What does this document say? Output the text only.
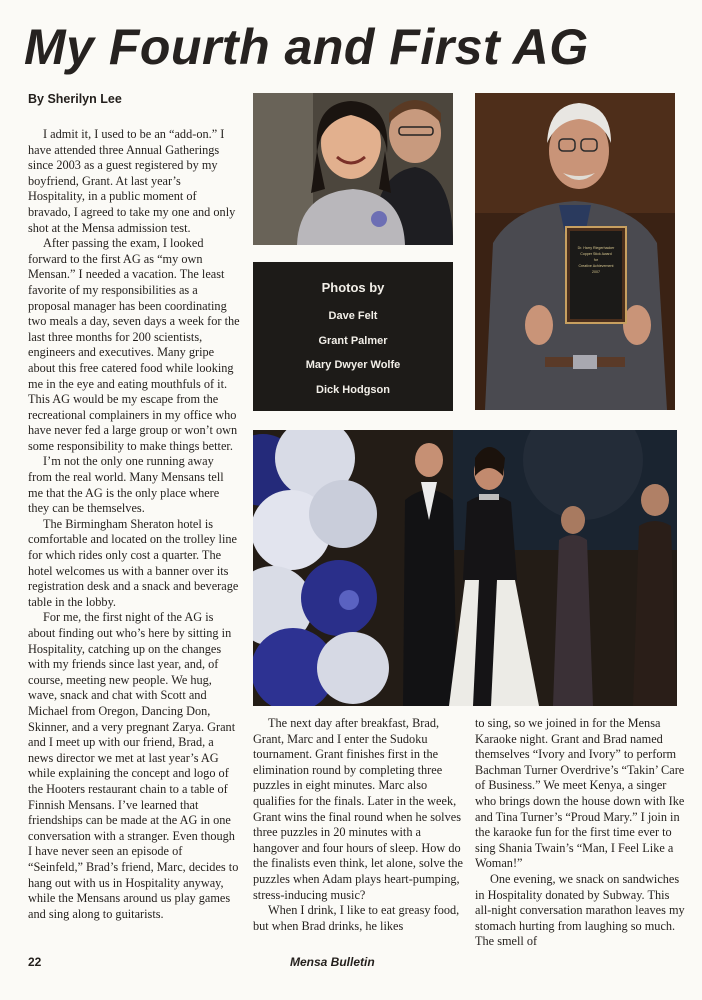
My Fourth and First AG
By Sherilyn Lee

I admit it, I used to be an “add-on.” I have attended three Annual Gatherings since 2003 as a guest registered by my boyfriend, Grant. At last year’s Hospitality, in a public moment of bravado, I agreed to take my one and only shot at the Mensa admission test.

After passing the exam, I looked forward to the first AG as “my own Mensan.” I needed a vacation. The least favorite of my responsibilities as a proposal manager has been coordinating two meals a day, seven days a week for the last three months for 200 scientists, engineers and executives. Many gripe about this free catered food while looking me in the eye and eating mouthfuls of it. This AG would be my escape from the recreational complainers in my office who have never fed a large group or won’t own some responsibility to make things better.

I’m not the only one running away from the real world. Many Mensans tell me that the AG is the only place where they can be themselves.

The Birmingham Sheraton hotel is comfortable and located on the trolley line for which rides only cost a quarter. The hotel welcomes us with a banner over its registration desk and a snack and beverage table in the lobby.

For me, the first night of the AG is about finding out who’s here by sitting in Hospitality, catching up on the changes with my friends since last year, and, of course, meeting new people. We hug, wave, snack and chat with Scott and Michael from Oregon, Dancing Don, Skinner, and a very pregnant Zarya. Grant and I meet up with our friend, Brad, a news director we met at last year’s AG while explaining the concept and logo of the Hooters restaurant chain to a table of Finnish Mensans. I’ve learned that friendships can be made at the AG in one conversation with a stranger. Even though I have never seen an episode of “Seinfeld,” Brad’s friend, Marc, decides to hang out with us in Hospitality anyway, while the Mensans around us play games and sing along to guitarists.

Photos by
Dave Felt
Grant Palmer
Mary Dwyer Wolfe
Dick Hodgson
Dr. Harry Riegerhacker
Copper Stick Award
for
Creative Achievement
2007

The next day after breakfast, Brad, Grant, Marc and I enter the Sudoku tournament. Grant finishes first in the elimination round by completing three puzzles in eight minutes. Marc also qualifies for the finals. Later in the week, Grant wins the final round when he solves three puzzles in 20 minutes with a hangover and four hours of sleep. How do the finalists even think, let alone, solve the puzzles when Adam plays heart-pumping, stress-inducing music?

When I drink, I like to eat greasy food, but when Brad drinks, he likes

to sing, so we joined in for the Mensa Karaoke night. Grant and Brad named themselves “Ivory and Ivory” to perform Bachman Turner Overdrive’s “Takin’ Care of Business.” We meet Kenya, a singer who brings down the house down with Ike and Tina Turner’s “Proud Mary.” I join in the karaoke fun for the first time ever to sing Shania Twain’s “Man, I Feel Like a Woman!”

One evening, we snack on sandwiches in Hospitality donated by Subway. This all-night conversation marathon leaves my stomach hurting from laughing so much. The smell of

22	Mensa Bulletin
